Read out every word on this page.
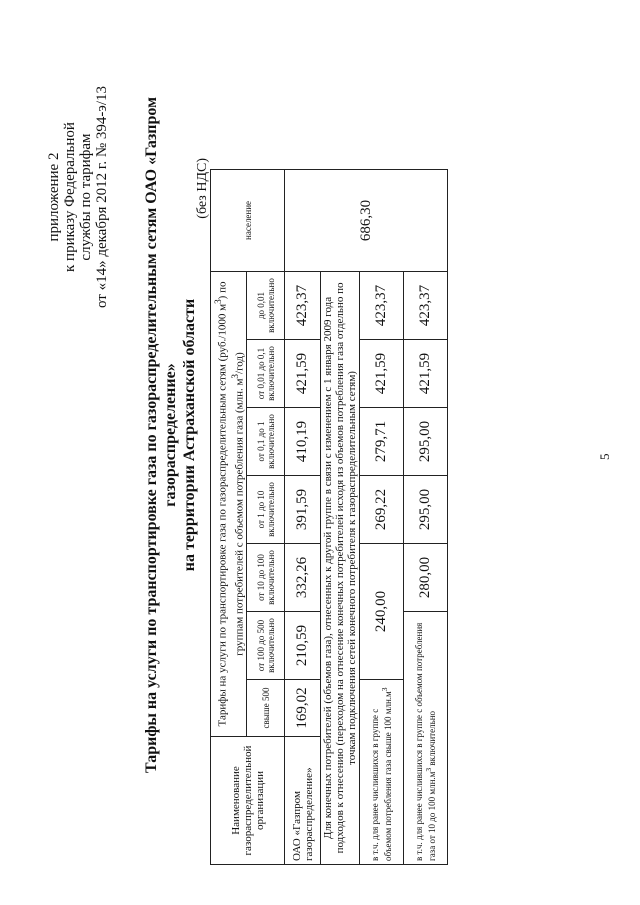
приложение 2 к приказу Федеральной службы по тарифам от «14» декабря 2012 г. № 394-э/13 Тарифы на услуги по транспортировке газа по газораспределительным сетям ОАО «Газпром газораспределение» на территории Астраханской области
(без НДС)
Наименование газораспределительной организации	Тарифы на услуги по транспортировке газа по газораспределительным сетям (руб./1000 $м^3$) по группам потребителей с объемом потребления газа (млн. $м^3/год$)							население
	свыше 500	от 100 до 500 включительно	от 10 до 100 включительно	от 1 до 10 включительно	от 0,1 до 1 включительно	от 0,01 до 0,1 включительно	до 0,01 включительно	
ОАО «Газпром газораспределение»	169,02	210,59	332,26	391,59	410,19	421,59	423,37	686,30
Для конечных потребителей (объемов газа), отнесенных к другой группе в связи с изменением с 1 января 2009 года подходов к отнесению (переходом на отнесение конечных потребителей исходя из объемов потребления газа отдельно по точкам подключения сетей конечного потребителя к газораспределительным сетям)								
в т.ч. для ранее числившихся в группе с объемом потребления газа свыше 100 $млн.м^3$		240,00		269,22	279,71	421,59	423,37	
в т.ч. для ранее числившихся в группе с объемом потребления газа от 10 до 100 $млн.м^3$ включительно			280,00	295,00	295,00	421,59	423,37	
5
